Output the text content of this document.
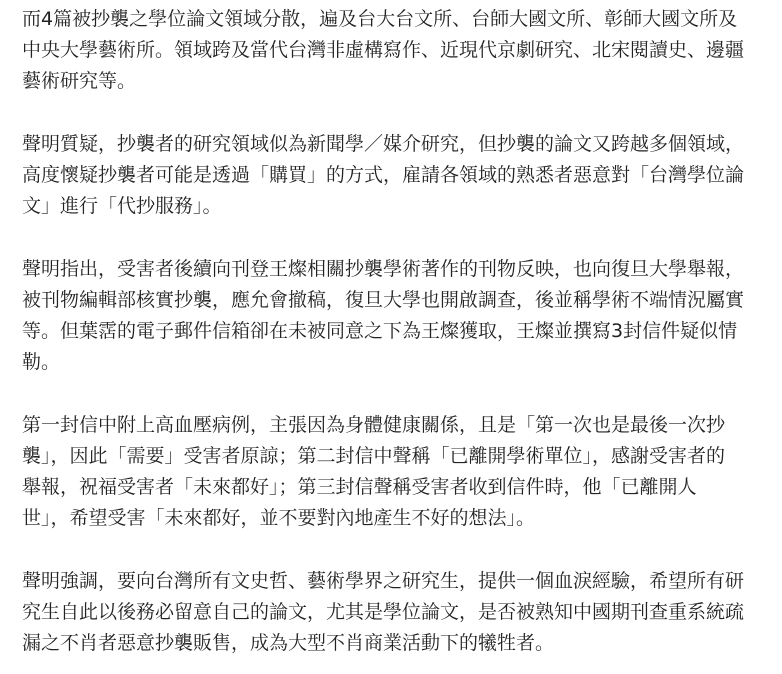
而4篇被抄襲之學位論文領域分散，遍及台大台文所、台師大國文所、彰師大國文所及
中央大學藝術所。領域跨及當代台灣非虛構寫作、近現代京劇研究、北宋閱讀史、邊疆
藝術研究等。
聲明質疑，抄襲者的研究領域似為新聞學／媒介研究，但抄襲的論文又跨越多個領域，
高度懷疑抄襲者可能是透過「購買」的方式，雇請各領域的熟悉者惡意對「台灣學位論
文」進行「代抄服務」。
聲明指出，受害者後續向刊登王燦相關抄襲學術著作的刊物反映，也向復旦大學舉報，
被刊物編輯部核實抄襲，應允會撤稿，復旦大學也開啟調查，後並稱學術不端情況屬實
等。但葉霑的電子郵件信箱卻在未被同意之下為王燦獲取，王燦並撰寫3封信件疑似情
勒。
第一封信中附上高血壓病例，主張因為身體健康關係，且是「第一次也是最後一次抄
襲」，因此「需要」受害者原諒；第二封信中聲稱「已離開學術單位」，感謝受害者的
舉報，祝福受害者「未來都好」；第三封信聲稱受害者收到信件時，他「已離開人
世」，希望受害「未來都好，並不要對內地產生不好的想法」。
聲明強調，要向台灣所有文史哲、藝術學界之研究生，提供一個血淚經驗，希望所有研
究生自此以後務必留意自己的論文，尤其是學位論文，是否被熟知中國期刊查重系統疏
漏之不肖者惡意抄襲販售，成為大型不肖商業活動下的犧牲者。
